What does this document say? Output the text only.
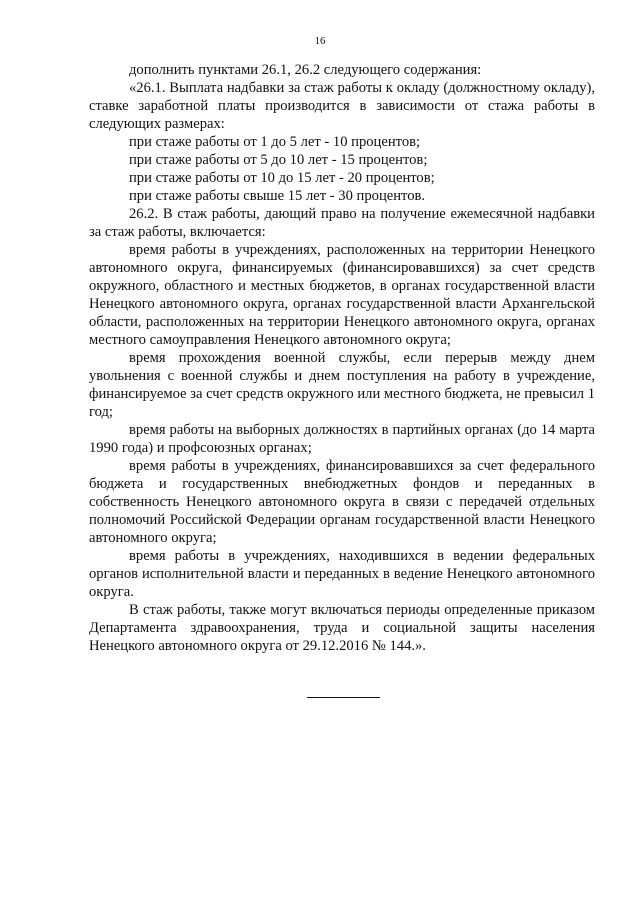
16

дополнить пунктами 26.1, 26.2 следующего содержания:

«26.1. Выплата надбавки за стаж работы к окладу (должностному окладу), ставке заработной платы производится в зависимости от стажа работы в следующих размерах:

при стаже работы от 1 до 5 лет - 10 процентов;

при стаже работы от 5 до 10 лет - 15 процентов;

при стаже работы от 10 до 15 лет - 20 процентов;

при стаже работы свыше 15 лет - 30 процентов.

26.2. В стаж работы, дающий право на получение ежемесячной надбавки за стаж работы, включается:

время работы в учреждениях, расположенных на территории Ненецкого автономного округа, финансируемых (финансировавшихся) за счет средств окружного, областного и местных бюджетов, в органах государственной власти Ненецкого автономного округа, органах государственной власти Архангельской области, расположенных на территории Ненецкого автономного округа, органах местного самоуправления Ненецкого автономного округа;

время прохождения военной службы, если перерыв между днем увольнения с военной службы и днем поступления на работу в учреждение, финансируемое за счет средств окружного или местного бюджета, не превысил 1 год;

время работы на выборных должностях в партийных органах (до 14 марта 1990 года) и профсоюзных органах;

время работы в учреждениях, финансировавшихся за счет федерального бюджета и государственных внебюджетных фондов и переданных в собственность Ненецкого автономного округа в связи с передачей отдельных полномочий Российской Федерации органам государственной власти Ненецкого автономного округа;

время работы в учреждениях, находившихся в ведении федеральных органов исполнительной власти и переданных в ведение Ненецкого автономного округа.

В стаж работы, также могут включаться периоды определенные приказом Департамента здравоохранения, труда и социальной защиты населения Ненецкого автономного округа от 29.12.2016 № 144.».
